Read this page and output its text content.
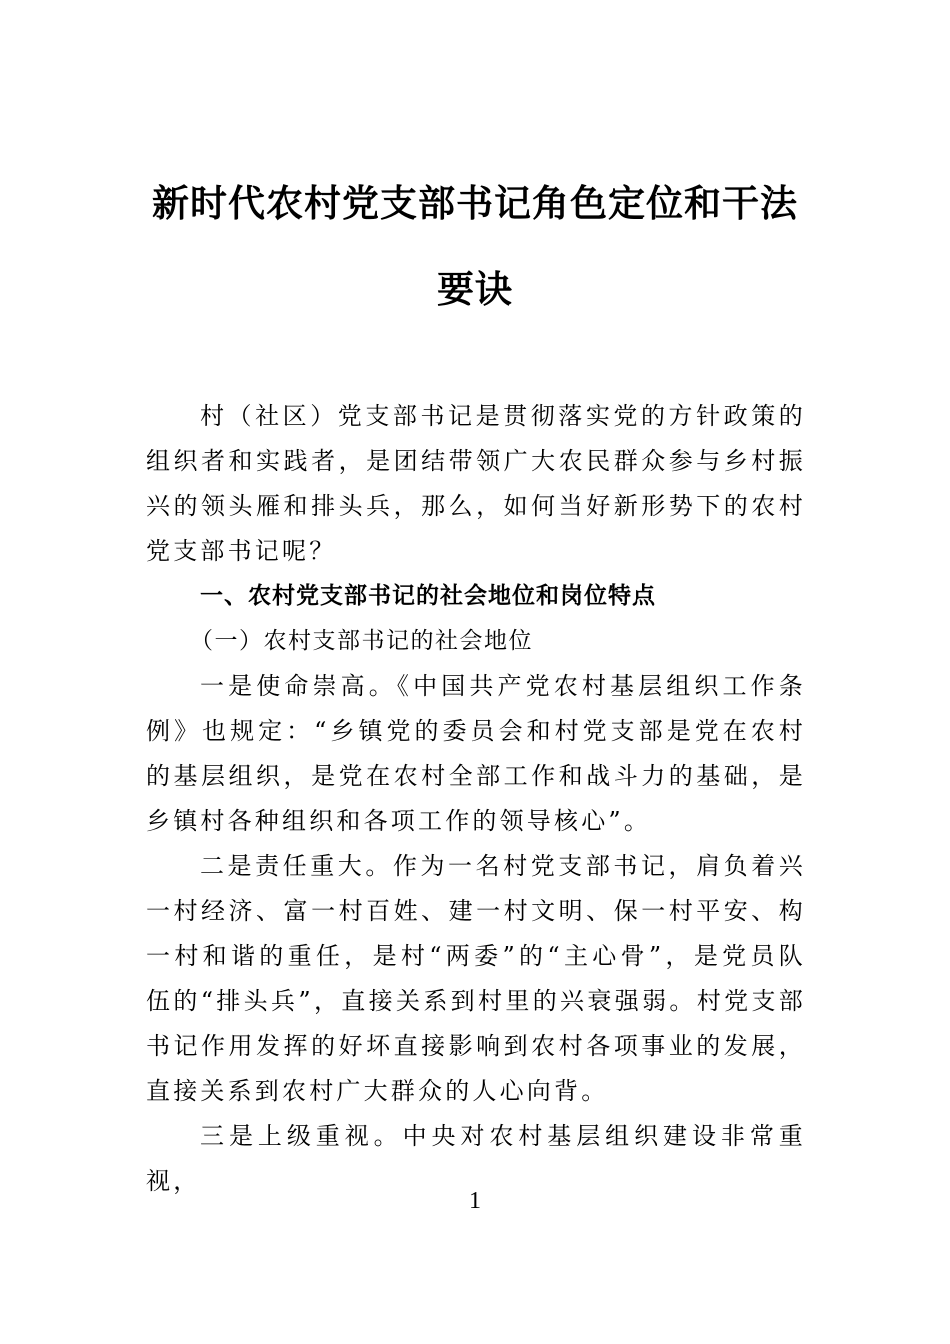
新时代农村党支部书记角色定位和干法要诀

村（社区）党支部书记是贯彻落实党的方针政策的组织者和实践者，是团结带领广大农民群众参与乡村振兴的领头雁和排头兵，那么，如何当好新形势下的农村党支部书记呢？

一、农村党支部书记的社会地位和岗位特点

（一）农村支部书记的社会地位

一是使命崇高。《中国共产党农村基层组织工作条例》也规定：“乡镇党的委员会和村党支部是党在农村的基层组织，是党在农村全部工作和战斗力的基础，是乡镇村各种组织和各项工作的领导核心”。

二是责任重大。作为一名村党支部书记，肩负着兴一村经济、富一村百姓、建一村文明、保一村平安、构一村和谐的重任，是村“两委”的“主心骨”，是党员队伍的“排头兵”，直接关系到村里的兴衰强弱。村党支部书记作用发挥的好坏直接影响到农村各项事业的发展，直接关系到农村广大群众的人心向背。

三是上级重视。中央对农村基层组织建设非常重视，

1
